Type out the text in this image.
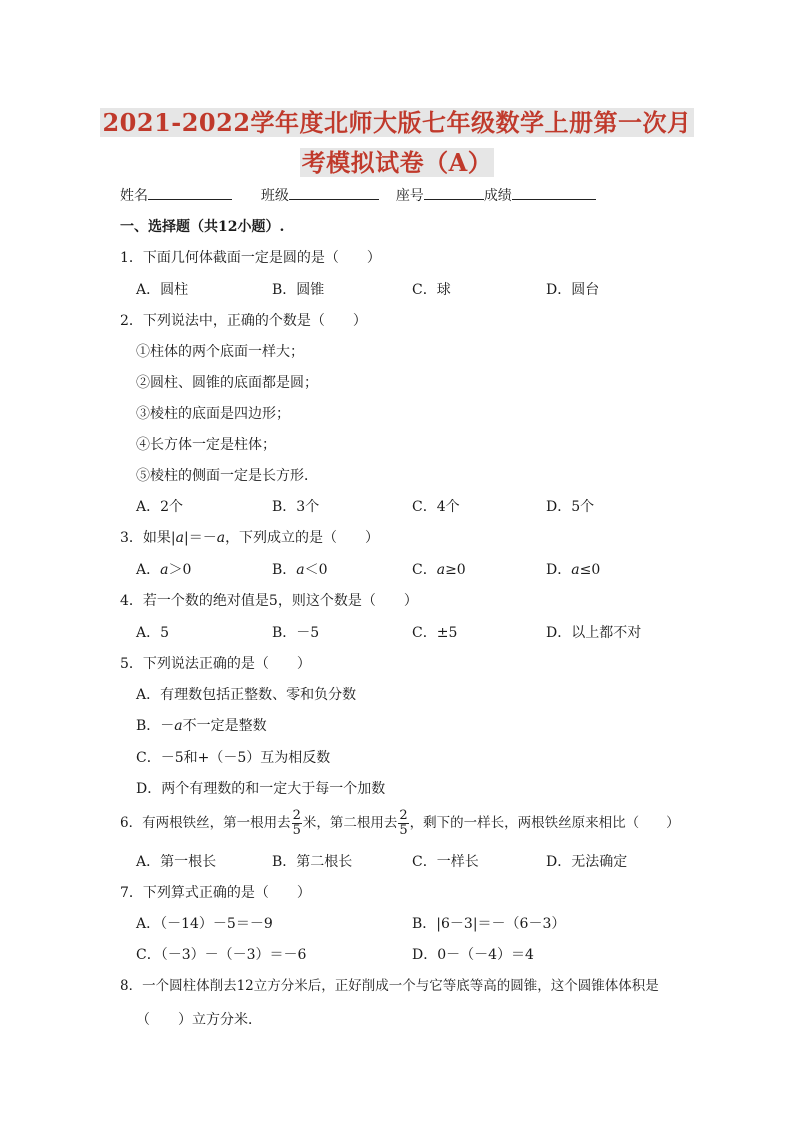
2021-2022学年度北师大版七年级数学上册第一次月
考模拟试卷（A）
姓名	班级	座号	成绩
一、选择题（共12小题）.
1．下面几何体截面一定是圆的是（　　）
A．圆柱	B．圆锥	C．球	D．圆台
2．下列说法中，正确的个数是（　　）
①柱体的两个底面一样大；
②圆柱、圆锥的底面都是圆；
③棱柱的底面是四边形；
④长方体一定是柱体；
⑤棱柱的侧面一定是长方形．
A．2个	B．3个	C．4个	D．5个
3．如果|a|＝－a，下列成立的是（　　）
A．a＞0	B．a＜0	C．a≥0	D．a≤0
4．若一个数的绝对值是5，则这个数是（　　）
A．5	B．－5	C．±5	D．以上都不对
5．下列说法正确的是（　　）
A．有理数包括正整数、零和负分数
B．－a不一定是整数
C．－5和+（－5）互为相反数
D．两个有理数的和一定大于每一个加数
6．有两根铁丝，第一根用去 $\frac{2}{5}$ 米，第二根用去 $\frac{2}{5}$ ，剩下的一样长，两根铁丝原来相比（　　）
A．第一根长	B．第二根长	C．一样长	D．无法确定
7．下列算式正确的是（　　）
A．（－14）－5＝－9	B．|6－3|＝－（6－3）
C．（－3）－（－3）＝－6	D．0－（－4）＝4
8．一个圆柱体削去12立方分米后，正好削成一个与它等底等高的圆锥，这个圆锥体体积是
（　　）立方分米．
